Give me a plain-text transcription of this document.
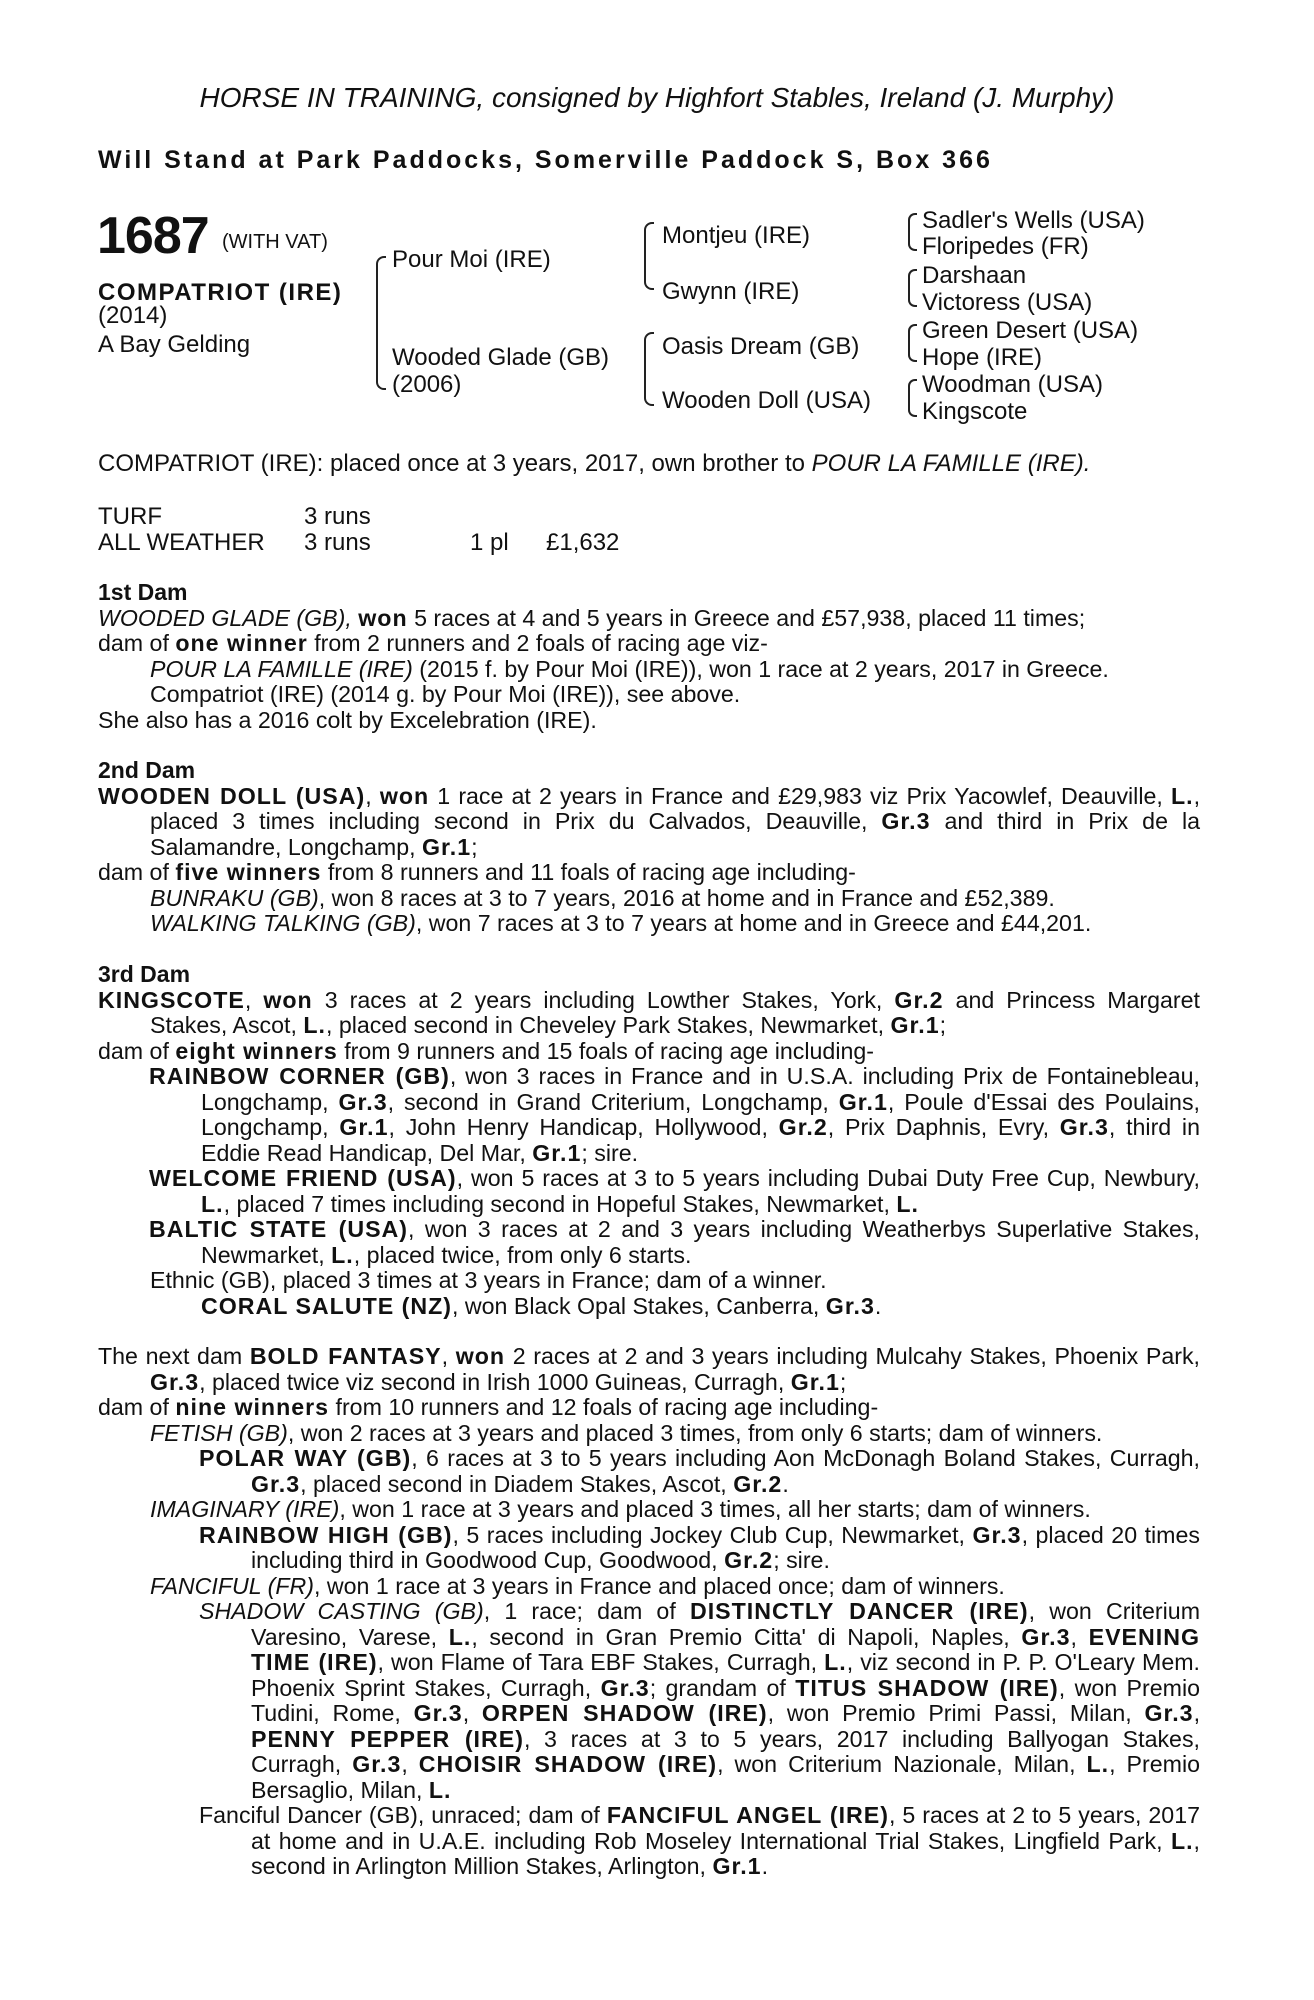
HORSE IN TRAINING, consigned by Highfort Stables, Ireland (J. Murphy)
Will Stand at Park Paddocks, Somerville Paddock S, Box 366
1687 (WITH VAT)
COMPATRIOT (IRE)
(2014)
A Bay Gelding
Pour Moi (IRE)
Wooded Glade (GB)
(2006)
Montjeu (IRE)
Gwynn (IRE)
Oasis Dream (GB)
Wooden Doll (USA)
Sadler's Wells (USA)
Floripedes (FR)
Darshaan
Victoress (USA)
Green Desert (USA)
Hope (IRE)
Woodman (USA)
Kingscote
COMPATRIOT (IRE): placed once at 3 years, 2017, own brother to POUR LA FAMILLE (IRE).
TURF	3 runs
ALL WEATHER 3 runs	1 pl £1,632
1st Dam
WOODED GLADE (GB), won 5 races at 4 and 5 years in Greece and £57,938, placed 11 times;
dam of one winner from 2 runners and 2 foals of racing age viz-
POUR LA FAMILLE (IRE) (2015 f. by Pour Moi (IRE)), won 1 race at 2 years, 2017 in Greece.
Compatriot (IRE) (2014 g. by Pour Moi (IRE)), see above.
She also has a 2016 colt by Excelebration (IRE).
2nd Dam
WOODEN DOLL (USA), won 1 race at 2 years in France and £29,983 viz Prix Yacowlef, Deauville, L., placed 3 times including second in Prix du Calvados, Deauville, Gr.3 and third in Prix de la Salamandre, Longchamp, Gr.1;
dam of five winners from 8 runners and 11 foals of racing age including-
BUNRAKU (GB), won 8 races at 3 to 7 years, 2016 at home and in France and £52,389.
WALKING TALKING (GB), won 7 races at 3 to 7 years at home and in Greece and £44,201.
3rd Dam
KINGSCOTE, won 3 races at 2 years including Lowther Stakes, York, Gr.2 and Princess Margaret Stakes, Ascot, L., placed second in Cheveley Park Stakes, Newmarket, Gr.1;
dam of eight winners from 9 runners and 15 foals of racing age including-
RAINBOW CORNER (GB), won 3 races in France and in U.S.A. including Prix de Fontainebleau, Longchamp, Gr.3, second in Grand Criterium, Longchamp, Gr.1, Poule d'Essai des Poulains, Longchamp, Gr.1, John Henry Handicap, Hollywood, Gr.2, Prix Daphnis, Evry, Gr.3, third in Eddie Read Handicap, Del Mar, Gr.1; sire.
WELCOME FRIEND (USA), won 5 races at 3 to 5 years including Dubai Duty Free Cup, Newbury, L., placed 7 times including second in Hopeful Stakes, Newmarket, L.
BALTIC STATE (USA), won 3 races at 2 and 3 years including Weatherbys Superlative Stakes, Newmarket, L., placed twice, from only 6 starts.
Ethnic (GB), placed 3 times at 3 years in France; dam of a winner.
CORAL SALUTE (NZ), won Black Opal Stakes, Canberra, Gr.3.
The next dam BOLD FANTASY, won 2 races at 2 and 3 years including Mulcahy Stakes, Phoenix Park, Gr.3, placed twice viz second in Irish 1000 Guineas, Curragh, Gr.1;
dam of nine winners from 10 runners and 12 foals of racing age including-
FETISH (GB), won 2 races at 3 years and placed 3 times, from only 6 starts; dam of winners.
POLAR WAY (GB), 6 races at 3 to 5 years including Aon McDonagh Boland Stakes, Curragh, Gr.3, placed second in Diadem Stakes, Ascot, Gr.2.
IMAGINARY (IRE), won 1 race at 3 years and placed 3 times, all her starts; dam of winners.
RAINBOW HIGH (GB), 5 races including Jockey Club Cup, Newmarket, Gr.3, placed 20 times including third in Goodwood Cup, Goodwood, Gr.2; sire.
FANCIFUL (FR), won 1 race at 3 years in France and placed once; dam of winners.
SHADOW CASTING (GB), 1 race; dam of DISTINCTLY DANCER (IRE), won Criterium Varesino, Varese, L., second in Gran Premio Citta' di Napoli, Naples, Gr.3, EVENING TIME (IRE), won Flame of Tara EBF Stakes, Curragh, L., viz second in P. P. O'Leary Mem. Phoenix Sprint Stakes, Curragh, Gr.3; grandam of TITUS SHADOW (IRE), won Premio Tudini, Rome, Gr.3, ORPEN SHADOW (IRE), won Premio Primi Passi, Milan, Gr.3, PENNY PEPPER (IRE), 3 races at 3 to 5 years, 2017 including Ballyogan Stakes, Curragh, Gr.3, CHOISIR SHADOW (IRE), won Criterium Nazionale, Milan, L., Premio Bersaglio, Milan, L.
Fanciful Dancer (GB), unraced; dam of FANCIFUL ANGEL (IRE), 5 races at 2 to 5 years, 2017 at home and in U.A.E. including Rob Moseley International Trial Stakes, Lingfield Park, L., second in Arlington Million Stakes, Arlington, Gr.1.
